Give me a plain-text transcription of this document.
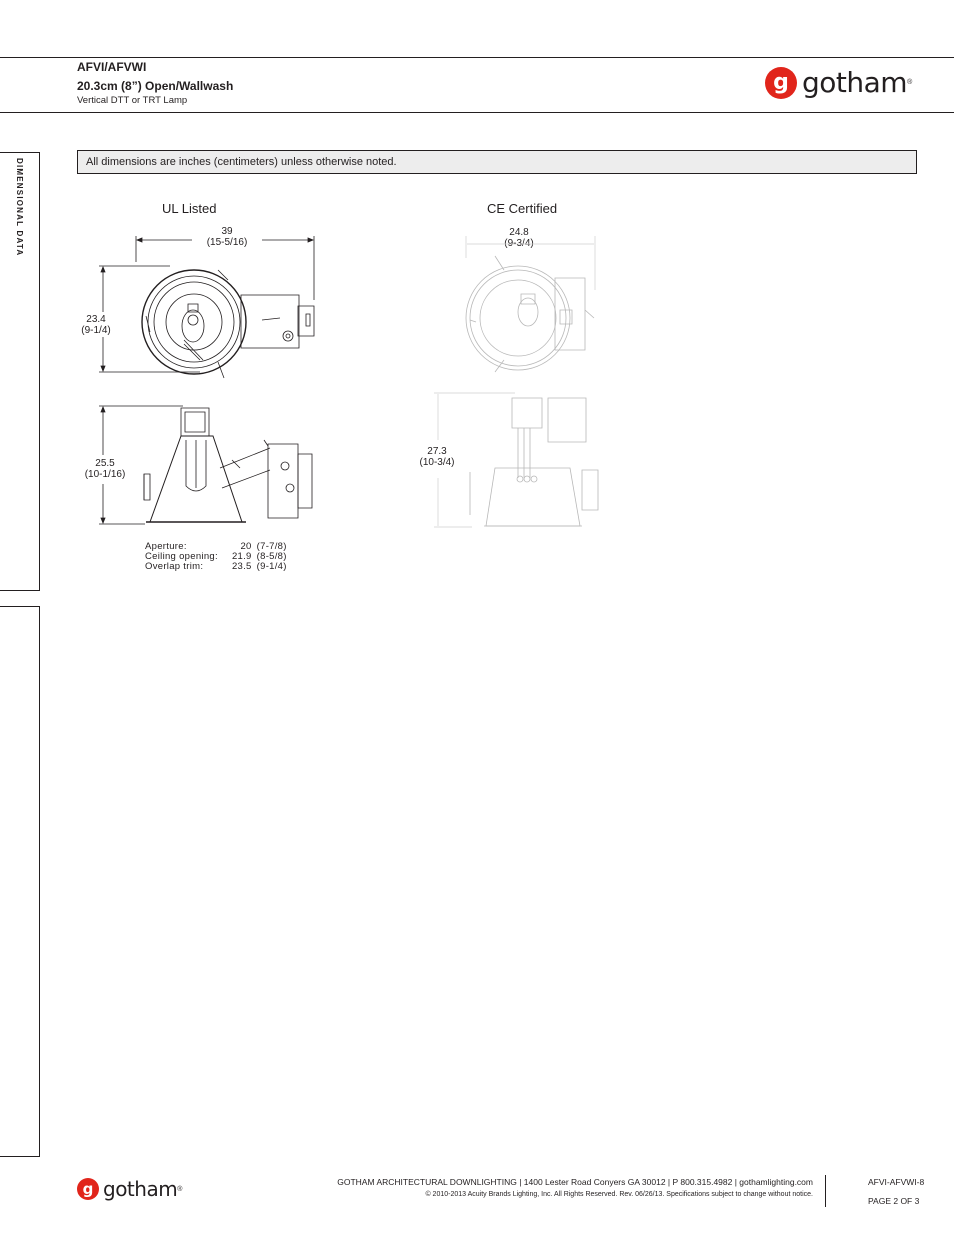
AFVI/AFVWI
20.3cm (8”) Open/Wallwash
Vertical DTT or TRT Lamp
g gotham ®
DIMENSIONAL DATA	All dimensions are inches (centimeters) unless otherwise noted.
UL Listed
39
(15-5/16)
23.4
(9-1/4)
25.5
(10-1/16)
Aperture:	20	(7-7/8)
Ceiling opening:	21.9	(8-5/8)
Overlap trim:	23.5	(9-1/4)
CE Certified
24.8
(9-3/4)
27.3
(10-3/4)
g gotham ®
GOTHAM ARCHITECTURAL DOWNLIGHTING | 1400 Lester Road Conyers GA 30012 | P 800.315.4982 | gothamlighting.com
© 2010-2013 Acuity Brands Lighting, Inc. All Rights Reserved. Rev. 06/26/13. Specifications subject to change without notice.
AFVI-AFVWI-8
PAGE 2 OF 3
